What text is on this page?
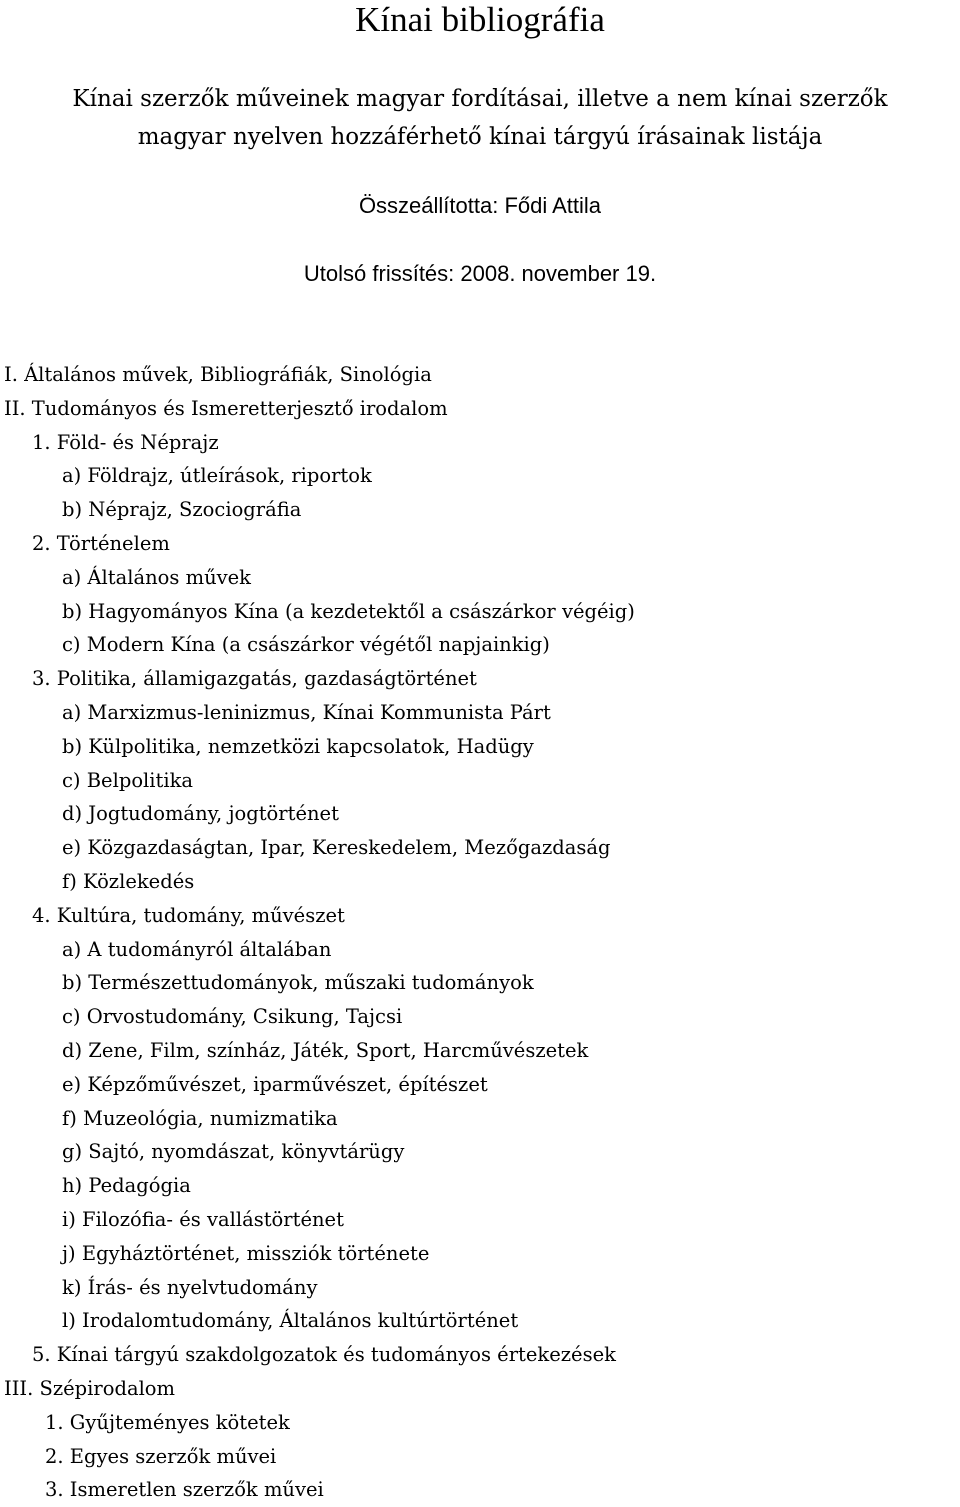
Kínai bibliográfia
Kínai szerzők műveinek magyar fordításai, illetve a nem kínai szerzők
magyar nyelven hozzáférhető kínai tárgyú írásainak listája
Összeállította: Fődi Attila
Utolsó frissítés: 2008. november 19.
I. Általános művek, Bibliográfiák, Sinológia
II. Tudományos és Ismeretterjesztő irodalom
1. Föld- és Néprajz
a) Földrajz, útleírások, riportok
b) Néprajz, Szociográfia
2. Történelem
a) Általános művek
b) Hagyományos Kína (a kezdetektől a császárkor végéig)
c) Modern Kína (a császárkor végétől napjainkig)
3. Politika, államigazgatás, gazdaságtörténet
a) Marxizmus-leninizmus, Kínai Kommunista Párt
b) Külpolitika, nemzetközi kapcsolatok, Hadügy
c) Belpolitika
d) Jogtudomány, jogtörténet
e) Közgazdaságtan, Ipar, Kereskedelem, Mezőgazdaság
f) Közlekedés
4. Kultúra, tudomány, művészet
a) A tudományról általában
b) Természettudományok, műszaki tudományok
c) Orvostudomány, Csikung, Tajcsi
d) Zene, Film, színház, Játék, Sport, Harcművészetek
e) Képzőművészet, iparművészet, építészet
f) Muzeológia, numizmatika
g) Sajtó, nyomdászat, könyvtárügy
h) Pedagógia
i) Filozófia- és vallástörténet
j) Egyháztörténet, missziók története
k) Írás- és nyelvtudomány
l) Irodalomtudomány, Általános kultúrtörténet
5. Kínai tárgyú szakdolgozatok és tudományos értekezések
III. Szépirodalom
1. Gyűjteményes kötetek
2. Egyes szerzők művei
3. Ismeretlen szerzők művei
